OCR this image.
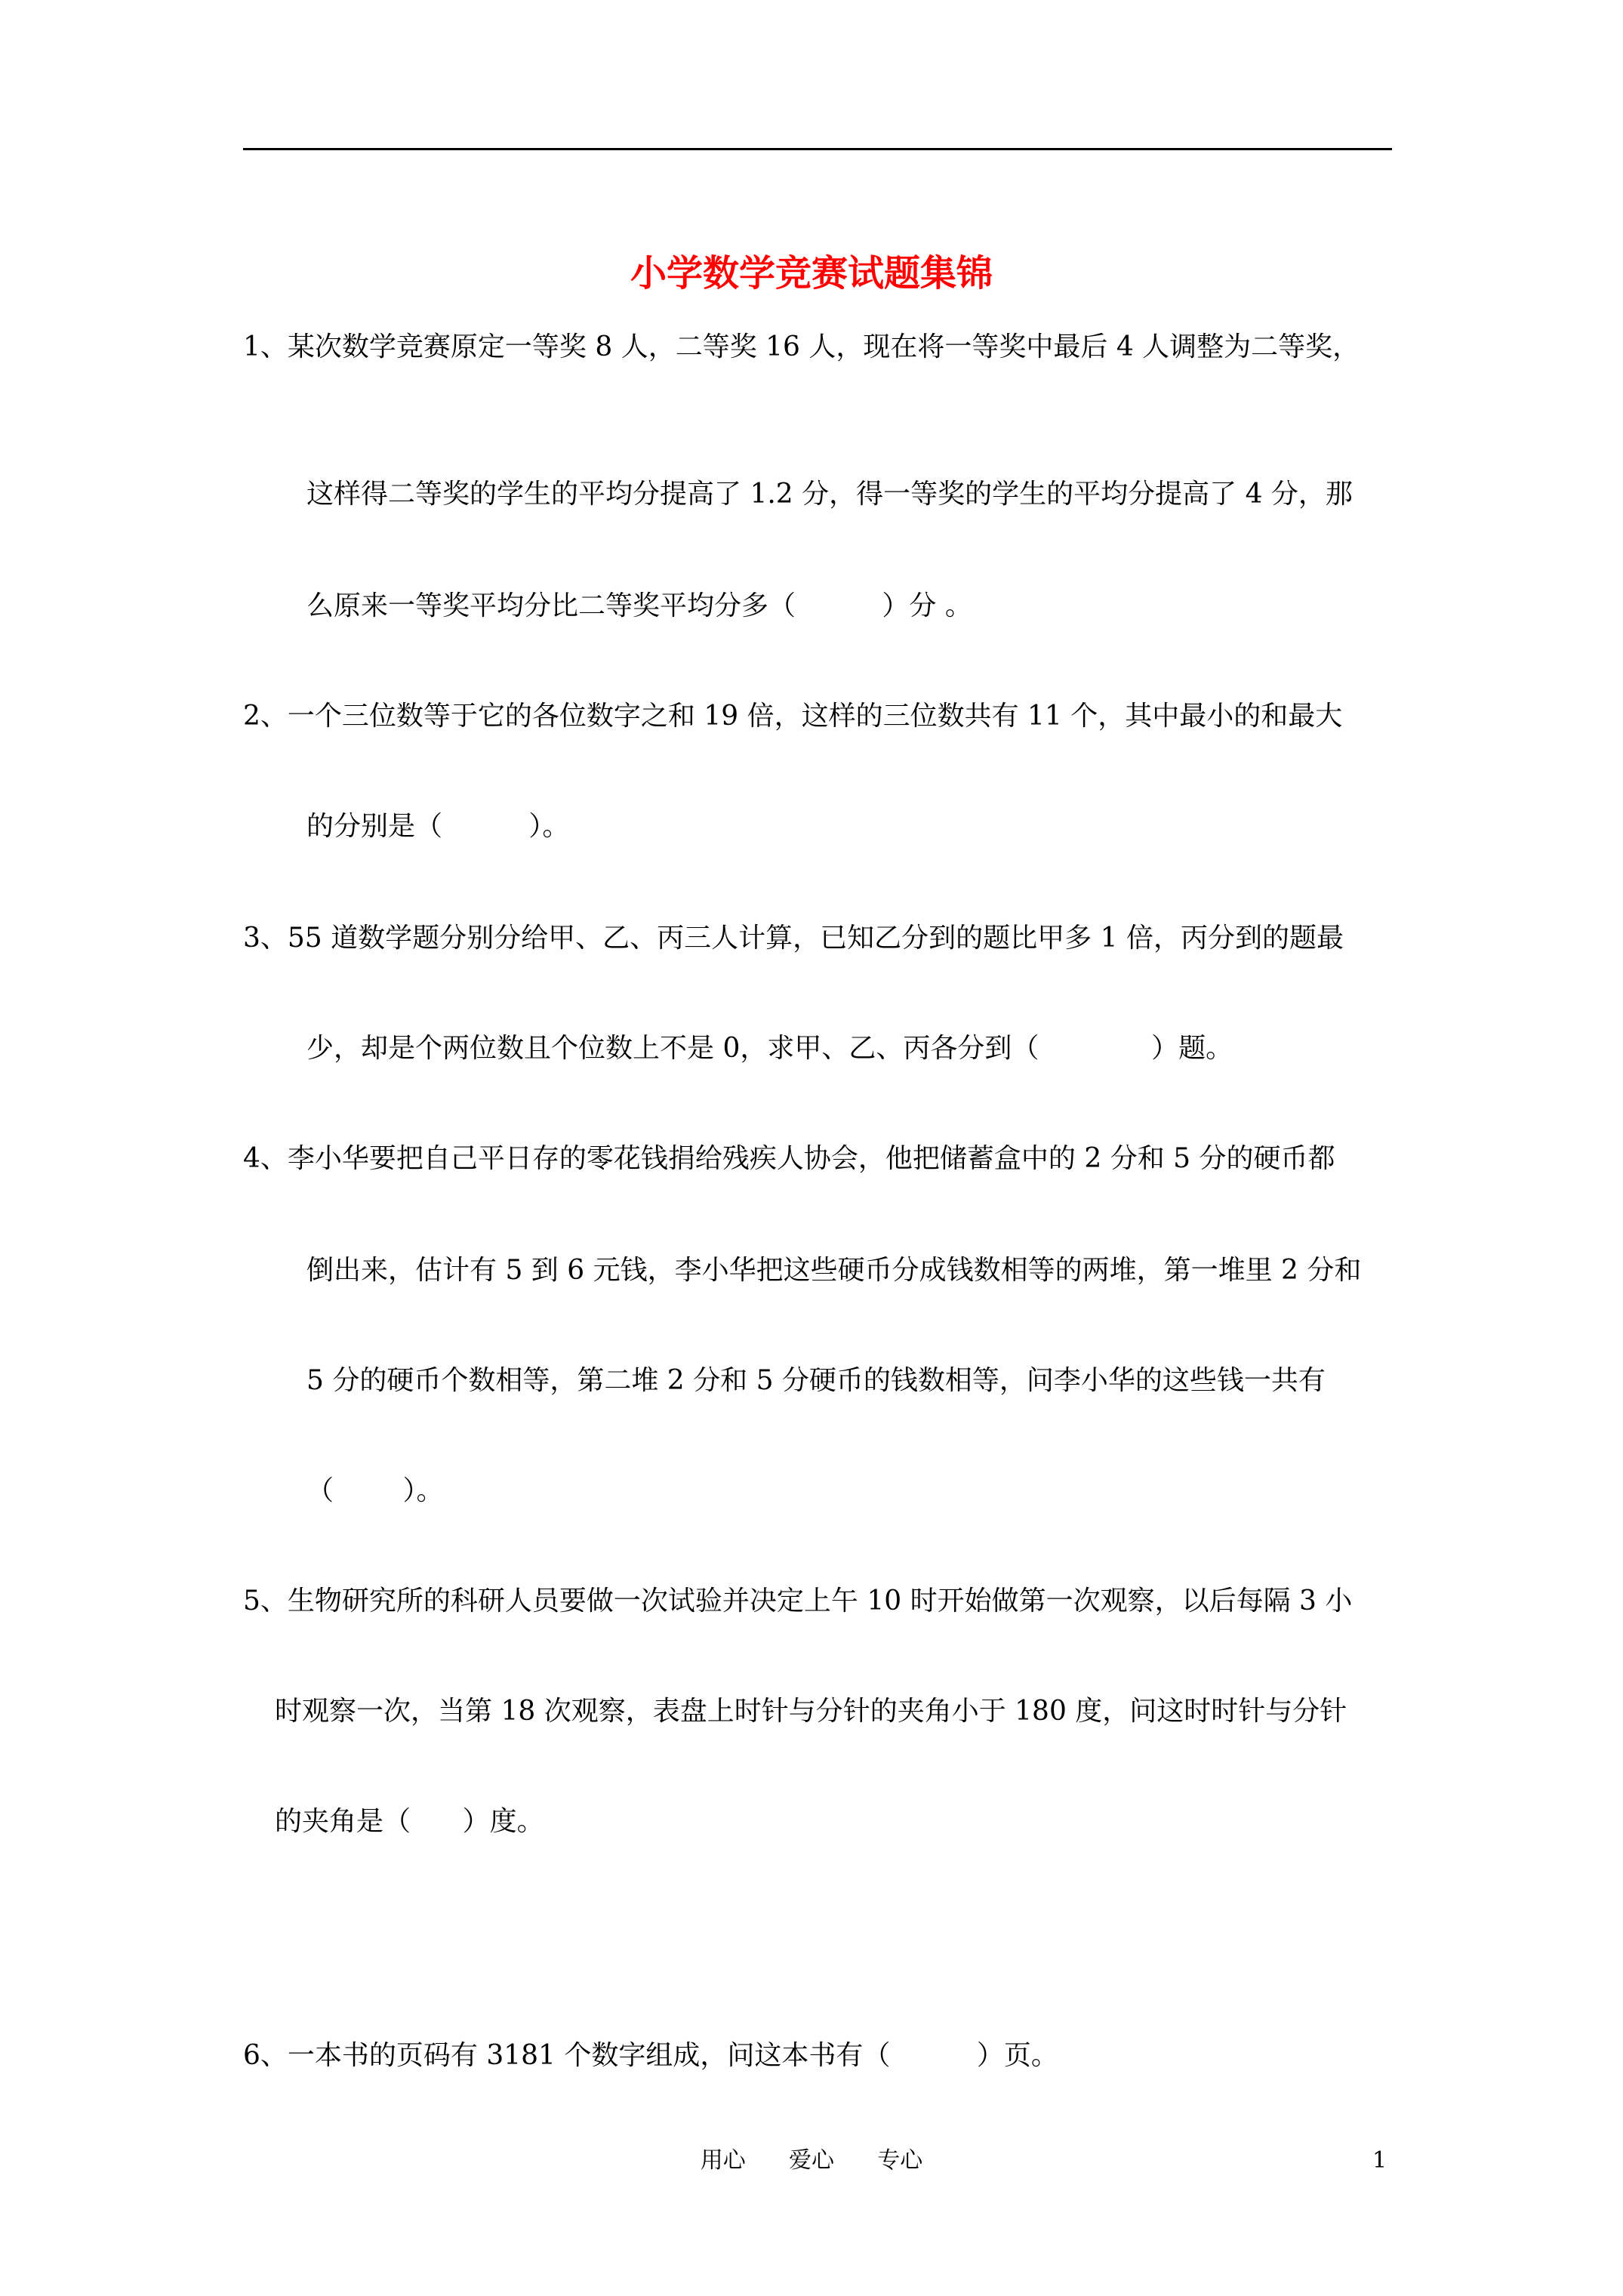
小学数学竞赛试题集锦
1、某次数学竞赛原定一等奖 8 人，二等奖 16 人，现在将一等奖中最后 4 人调整为二等奖，
这样得二等奖的学生的平均分提高了 1.2 分，得一等奖的学生的平均分提高了 4 分，那
么原来一等奖平均分比二等奖平均分多（          ）分 。
2、一个三位数等于它的各位数字之和 19 倍，这样的三位数共有 11 个，其中最小的和最大
的分别是（          ）。
3、55 道数学题分别分给甲、乙、丙三人计算，已知乙分到的题比甲多 1 倍，丙分到的题最
少，却是个两位数且个位数上不是 0，求甲、乙、丙各分到（             ）题。
4、李小华要把自己平日存的零花钱捐给残疾人协会，他把储蓄盒中的 2 分和 5 分的硬币都
倒出来，估计有 5 到 6 元钱，李小华把这些硬币分成钱数相等的两堆，第一堆里 2 分和
5 分的硬币个数相等，第二堆 2 分和 5 分硬币的钱数相等，问李小华的这些钱一共有
（        ）。
5、生物研究所的科研人员要做一次试验并决定上午 10 时开始做第一次观察，以后每隔 3 小
时观察一次，当第 18 次观察，表盘上时针与分针的夹角小于 180 度，问这时时针与分针
的夹角是（      ）度。
6、一本书的页码有 3181 个数字组成，问这本书有（          ）页。
用心      爱心      专心	1
